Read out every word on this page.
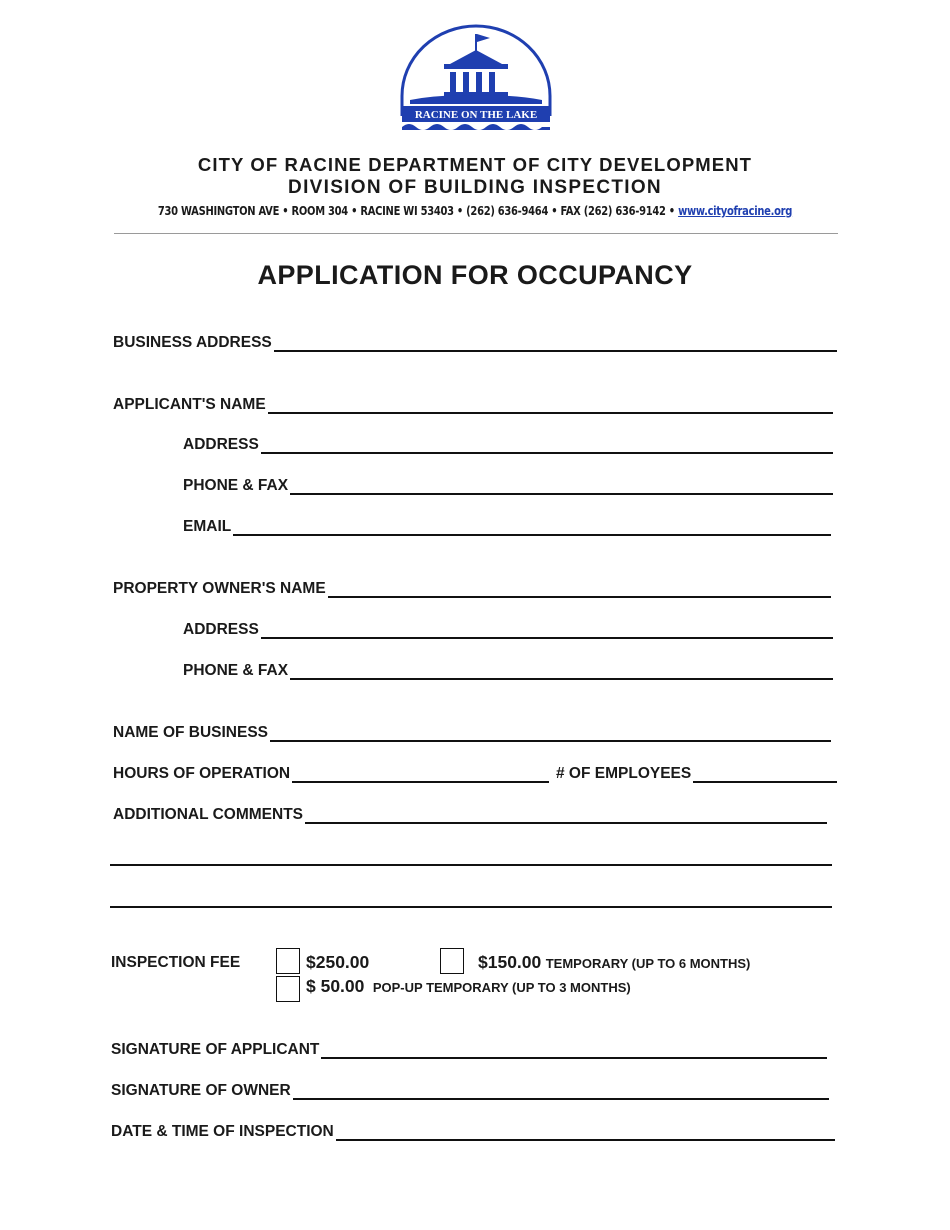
RACINE ON THE LAKE
CITY OF RACINE DEPARTMENT OF CITY DEVELOPMENT
DIVISION OF BUILDING INSPECTION
730 WASHINGTON AVE • ROOM 304 • RACINE WI 53403 • (262) 636-9464 • FAX (262) 636-9142 • www.cityofracine.org
APPLICATION FOR OCCUPANCY
BUSINESS ADDRESS
APPLICANT'S NAME
ADDRESS
PHONE & FAX
EMAIL
PROPERTY OWNER'S NAME
ADDRESS
PHONE & FAX
NAME OF BUSINESS
HOURS OF OPERATION	# OF EMPLOYEES
ADDITIONAL COMMENTS
INSPECTION FEE	$250.00	$150.00 TEMPORARY (UP TO 6 MONTHS)
$ 50.00 POP-UP TEMPORARY (UP TO 3 MONTHS)
SIGNATURE OF APPLICANT
SIGNATURE OF OWNER
DATE & TIME OF INSPECTION
